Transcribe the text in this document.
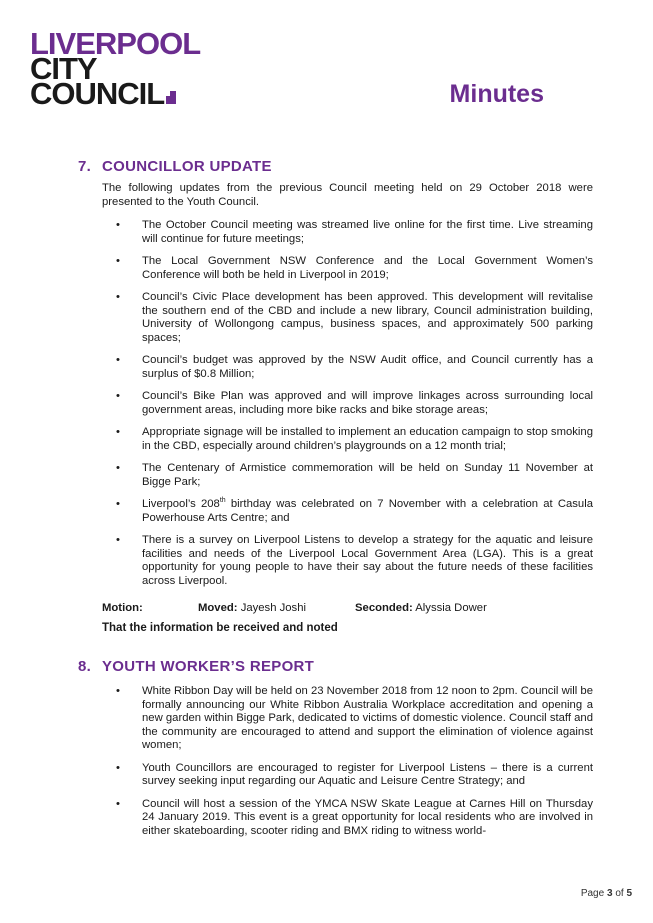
LIVERPOOL
CITY
COUNCIL	Minutes
7. COUNCILLOR UPDATE

The following updates from the previous Council meeting held on 29 October 2018 were presented to the Youth Council.

• The October Council meeting was streamed live online for the first time. Live streaming will continue for future meetings;
• The Local Government NSW Conference and the Local Government Women’s Conference will both be held in Liverpool in 2019;
• Council’s Civic Place development has been approved. This development will revitalise the southern end of the CBD and include a new library, Council administration building, University of Wollongong campus, business spaces, and approximately 500 parking spaces;
• Council’s budget was approved by the NSW Audit office, and Council currently has a surplus of $0.8 Million;
• Council’s Bike Plan was approved and will improve linkages across surrounding local government areas, including more bike racks and bike storage areas;
• Appropriate signage will be installed to implement an education campaign to stop smoking in the CBD, especially around children’s playgrounds on a 12 month trial;
• The Centenary of Armistice commemoration will be held on Sunday 11 November at Bigge Park;
• Liverpool’s 208th birthday was celebrated on 7 November with a celebration at Casula Powerhouse Arts Centre; and
• There is a survey on Liverpool Listens to develop a strategy for the aquatic and leisure facilities and needs of the Liverpool Local Government Area (LGA). This is a great opportunity for young people to have their say about the future needs of these facilities across Liverpool.
Motion:	Moved: Jayesh Joshi	Seconded: Alyssia Dower
That the information be received and noted
8. YOUTH WORKER’S REPORT
• White Ribbon Day will be held on 23 November 2018 from 12 noon to 2pm. Council will be formally announcing our White Ribbon Australia Workplace accreditation and opening a new garden within Bigge Park, dedicated to victims of domestic violence. Council staff and the community are encouraged to attend and support the elimination of violence against women;
• Youth Councillors are encouraged to register for Liverpool Listens – there is a current survey seeking input regarding our Aquatic and Leisure Centre Strategy; and
• Council will host a session of the YMCA NSW Skate League at Carnes Hill on Thursday 24 January 2019. This event is a great opportunity for local residents who are involved in either skateboarding, scooter riding and BMX riding to witness world-
Page 3 of 5
